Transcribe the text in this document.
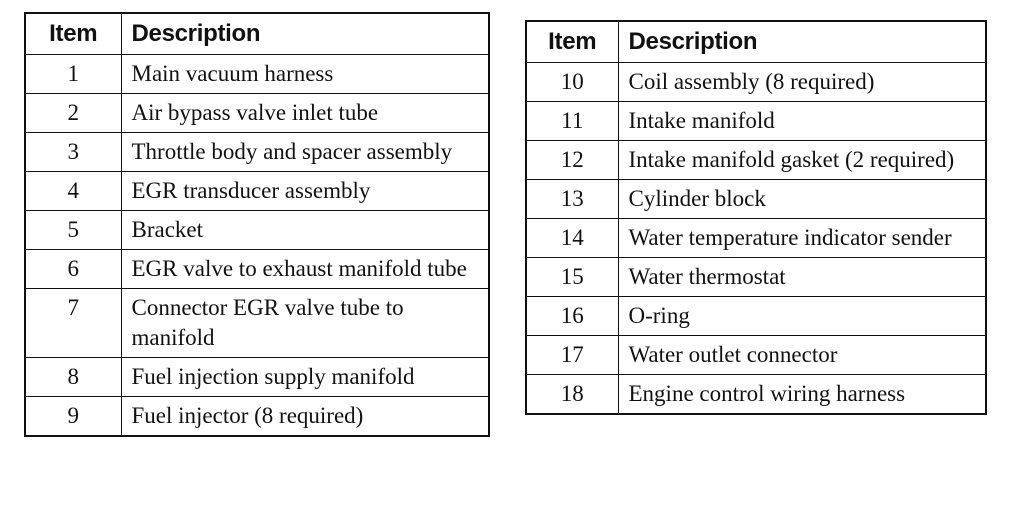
Item	Description
1	Main vacuum harness
2	Air bypass valve inlet tube
3	Throttle body and spacer assembly
4	EGR transducer assembly
5	Bracket
6	EGR valve to exhaust manifold tube
7	Connector EGR valve tube to manifold
8	Fuel injection supply manifold
9	Fuel injector (8 required)
Item	Description
10	Coil assembly (8 required)
11	Intake manifold
12	Intake manifold gasket (2 required)
13	Cylinder block
14	Water temperature indicator sender
15	Water thermostat
16	O-ring
17	Water outlet connector
18	Engine control wiring harness
